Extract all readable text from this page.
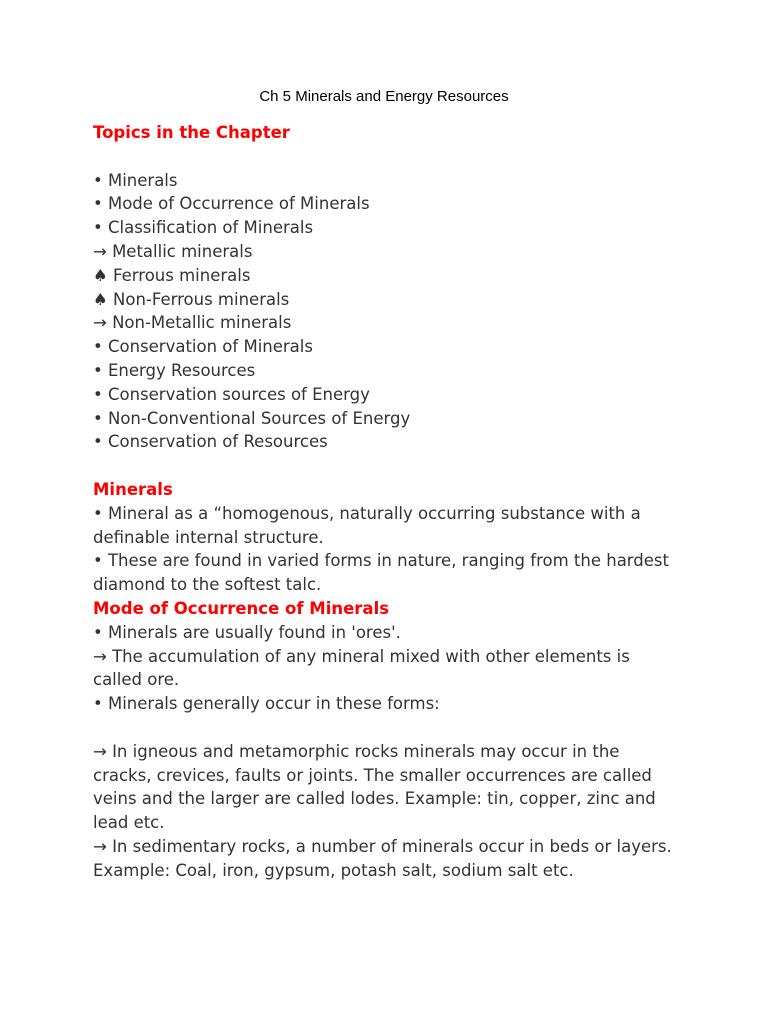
Ch 5 Minerals and Energy Resources

Topics in the Chapter

• Minerals

• Mode of Occurrence of Minerals

• Classification of Minerals

→ Metallic minerals

♠ Ferrous minerals

♠ Non-Ferrous minerals

→ Non-Metallic minerals

• Conservation of Minerals

• Energy Resources

• Conservation sources of Energy

• Non-Conventional Sources of Energy

• Conservation of Resources

Minerals

• Mineral as a “homogenous, naturally occurring substance with a definable internal structure.

• These are found in varied forms in nature, ranging from the hardest diamond to the softest talc.

Mode of Occurrence of Minerals

• Minerals are usually found in 'ores'.

→ The accumulation of any mineral mixed with other elements is called ore.

• Minerals generally occur in these forms:

→ In igneous and metamorphic rocks minerals may occur in the cracks, crevices, faults or joints. The smaller occurrences are called veins and the larger are called lodes. Example: tin, copper, zinc and lead etc.

→ In sedimentary rocks, a number of minerals occur in beds or layers. Example: Coal, iron, gypsum, potash salt, sodium salt etc.
